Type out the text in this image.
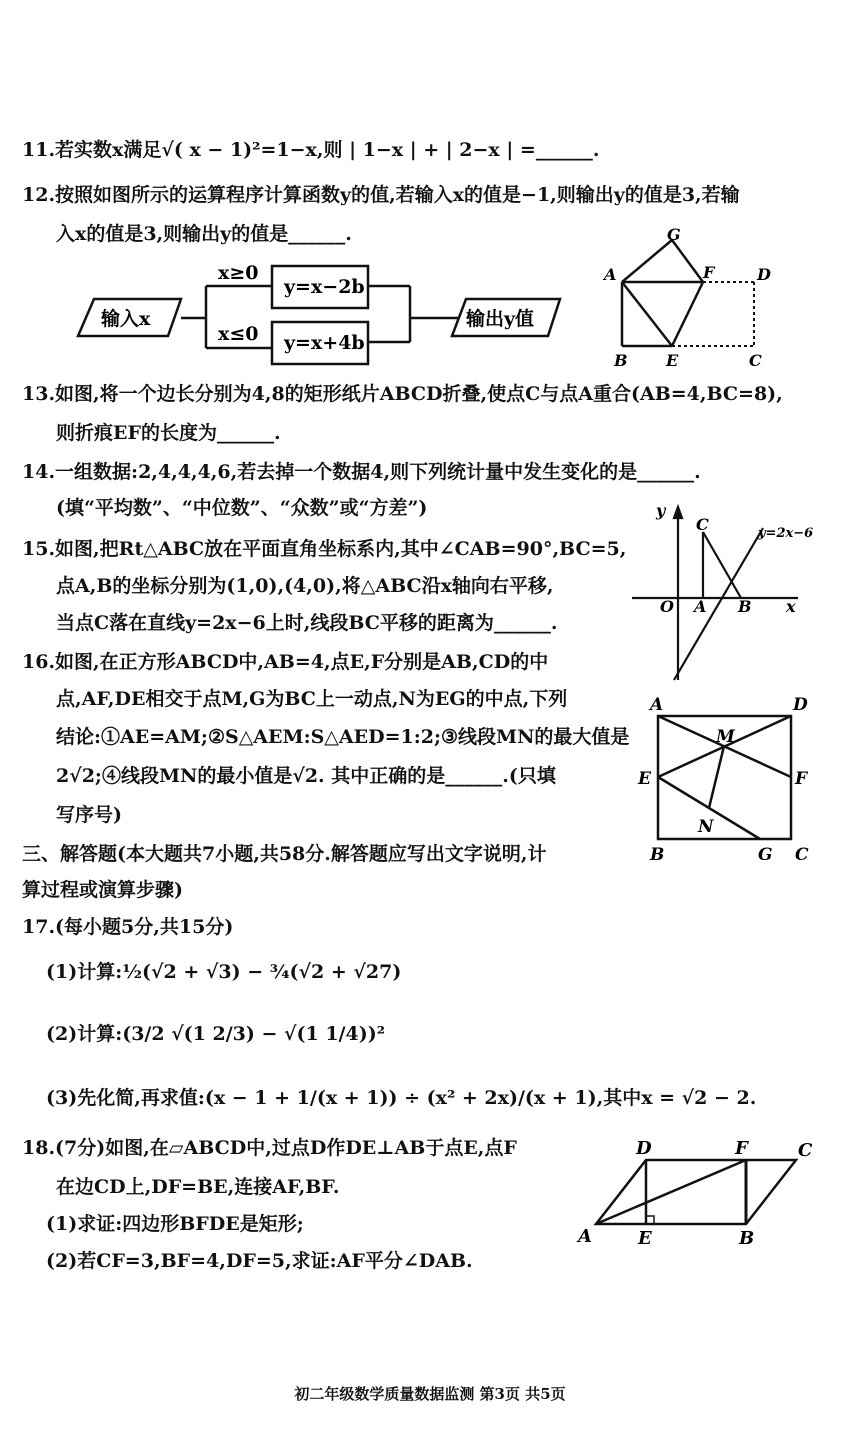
11.若实数x满足√( x − 1)²=1−x,则 | 1−x | + | 2−x | =______.
12.按照如图所示的运算程序计算函数y的值,若输入x的值是−1,则输出y的值是3,若输
入x的值是3,则输出y的值是______.
输入x
x≥0
x≤0
y=x−2b
y=x+4b
输出y值
A
B	C
D
E
F
G
y
x
O A B
C	y=2x−6
A	D
E	F
B	G C
M
N
A
D	F	C
E	B
13.如图,将一个边长分别为4,8的矩形纸片ABCD折叠,使点C与点A重合(AB=4,BC=8),
则折痕EF的长度为______.
14.一组数据:2,4,4,4,6,若去掉一个数据4,则下列统计量中发生变化的是______.
(填“平均数”、“中位数”、“众数”或“方差”)
15.如图,把Rt△ABC放在平面直角坐标系内,其中∠CAB=90°,BC=5,
点A,B的坐标分别为(1,0),(4,0),将△ABC沿x轴向右平移,
当点C落在直线y=2x−6上时,线段BC平移的距离为______.
16.如图,在正方形ABCD中,AB=4,点E,F分别是AB,CD的中
点,AF,DE相交于点M,G为BC上一动点,N为EG的中点,下列
结论:①AE=AM;②S△AEM:S△AED=1:2;③线段MN的最大值是
2√2;④线段MN的最小值是√2. 其中正确的是______.(只填
写序号)
三、解答题(本大题共7小题,共58分.解答题应写出文字说明,计
算过程或演算步骤)
17.(每小题5分,共15分)
(1)计算:½(√2 + √3) − ¾(√2 + √27)
(2)计算:(3/2 √(1 2/3) − √(1 1/4))²
(3)先化简,再求值:(x − 1 + 1/(x + 1)) ÷ (x² + 2x)/(x + 1),其中x = √2 − 2.
18.(7分)如图,在▱ABCD中,过点D作DE⊥AB于点E,点F
在边CD上,DF=BE,连接AF,BF.
(1)求证:四边形BFDE是矩形;
(2)若CF=3,BF=4,DF=5,求证:AF平分∠DAB.
初二年级数学质量数据监测 第3页 共5页
